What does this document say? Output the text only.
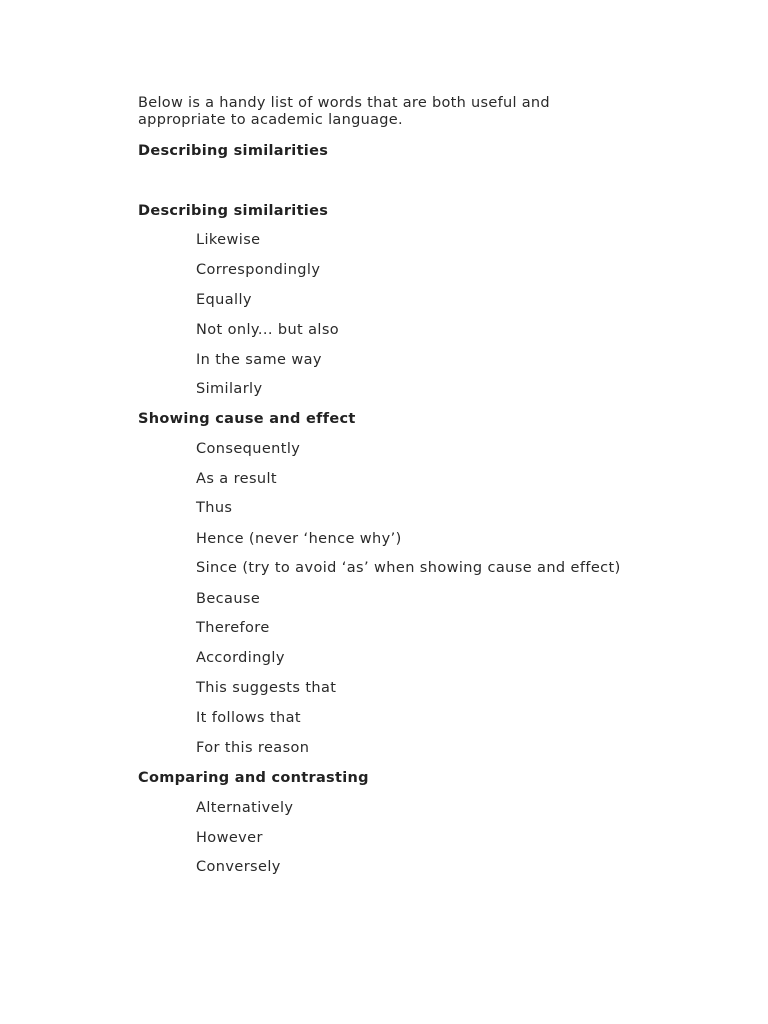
Below is a handy list of words that are both useful and appropriate to academic language.
Describing similarities
Describing similarities
Likewise
Correspondingly
Equally
Not only... but also
In the same way
Similarly
Showing cause and effect
Consequently
As a result
Thus
Hence (never ‘hence why’)
Since (try to avoid ‘as’ when showing cause and effect)
Because
Therefore
Accordingly
This suggests that
It follows that
For this reason
Comparing and contrasting
Alternatively
However
Conversely
